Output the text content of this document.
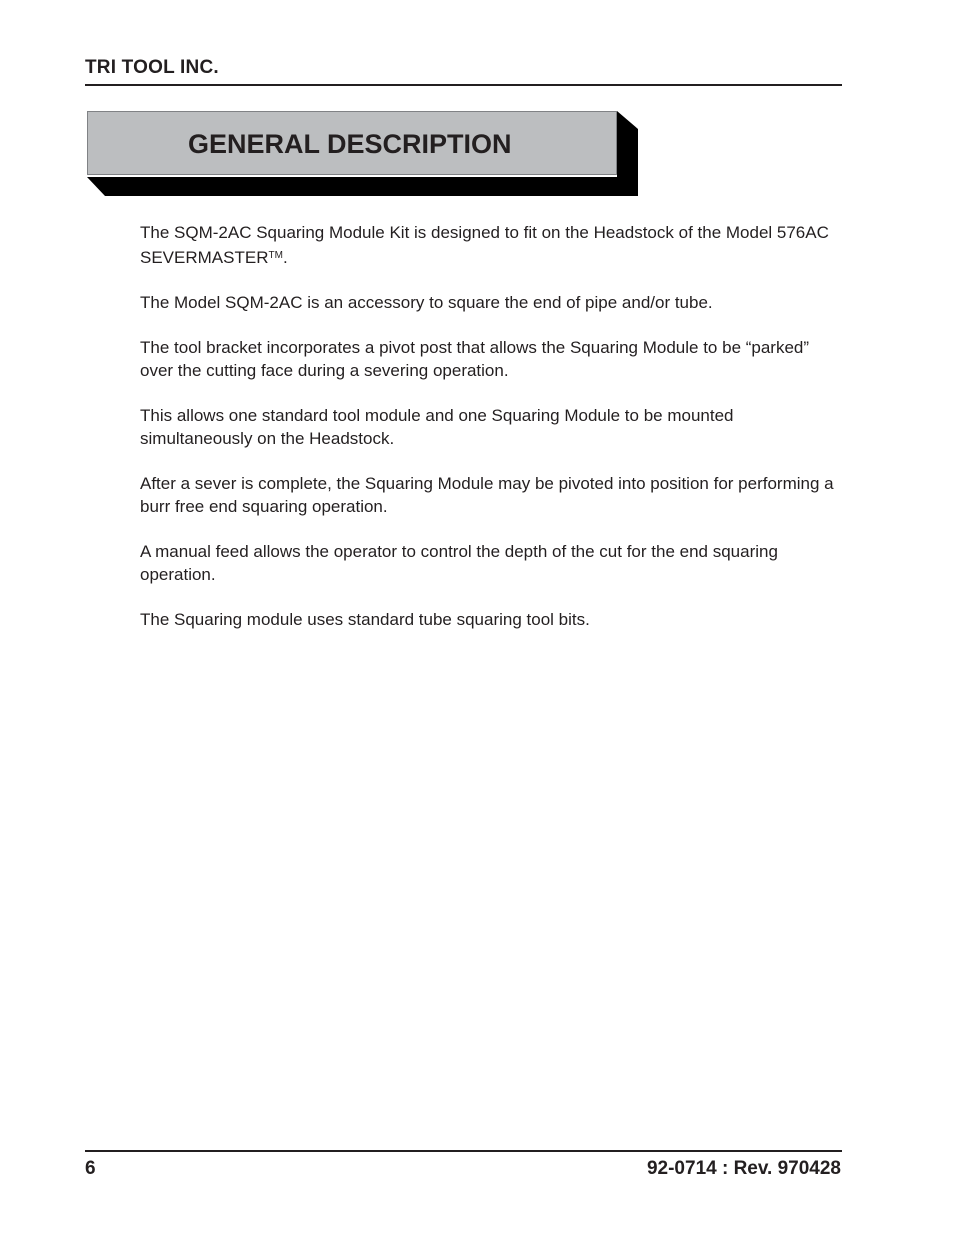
TRI TOOL INC.
GENERAL DESCRIPTION

The SQM-2AC Squaring Module Kit is designed to fit on the Headstock of the Model 576AC SEVERMASTER™.

The Model SQM-2AC is an accessory to square the end of pipe and/or tube.

The tool bracket incorporates a pivot post that allows the Squaring Module to be “parked” over the cutting face during a severing operation.

This allows one standard tool module and one Squaring Module to be mounted simultaneously on the Headstock.

After a sever is complete, the Squaring Module may be pivoted into position for performing a burr free end squaring operation.

A manual feed allows the operator to control the depth of the cut for the end squaring operation.

The Squaring module uses standard tube squaring tool bits.

6	92-0714 : Rev. 970428
